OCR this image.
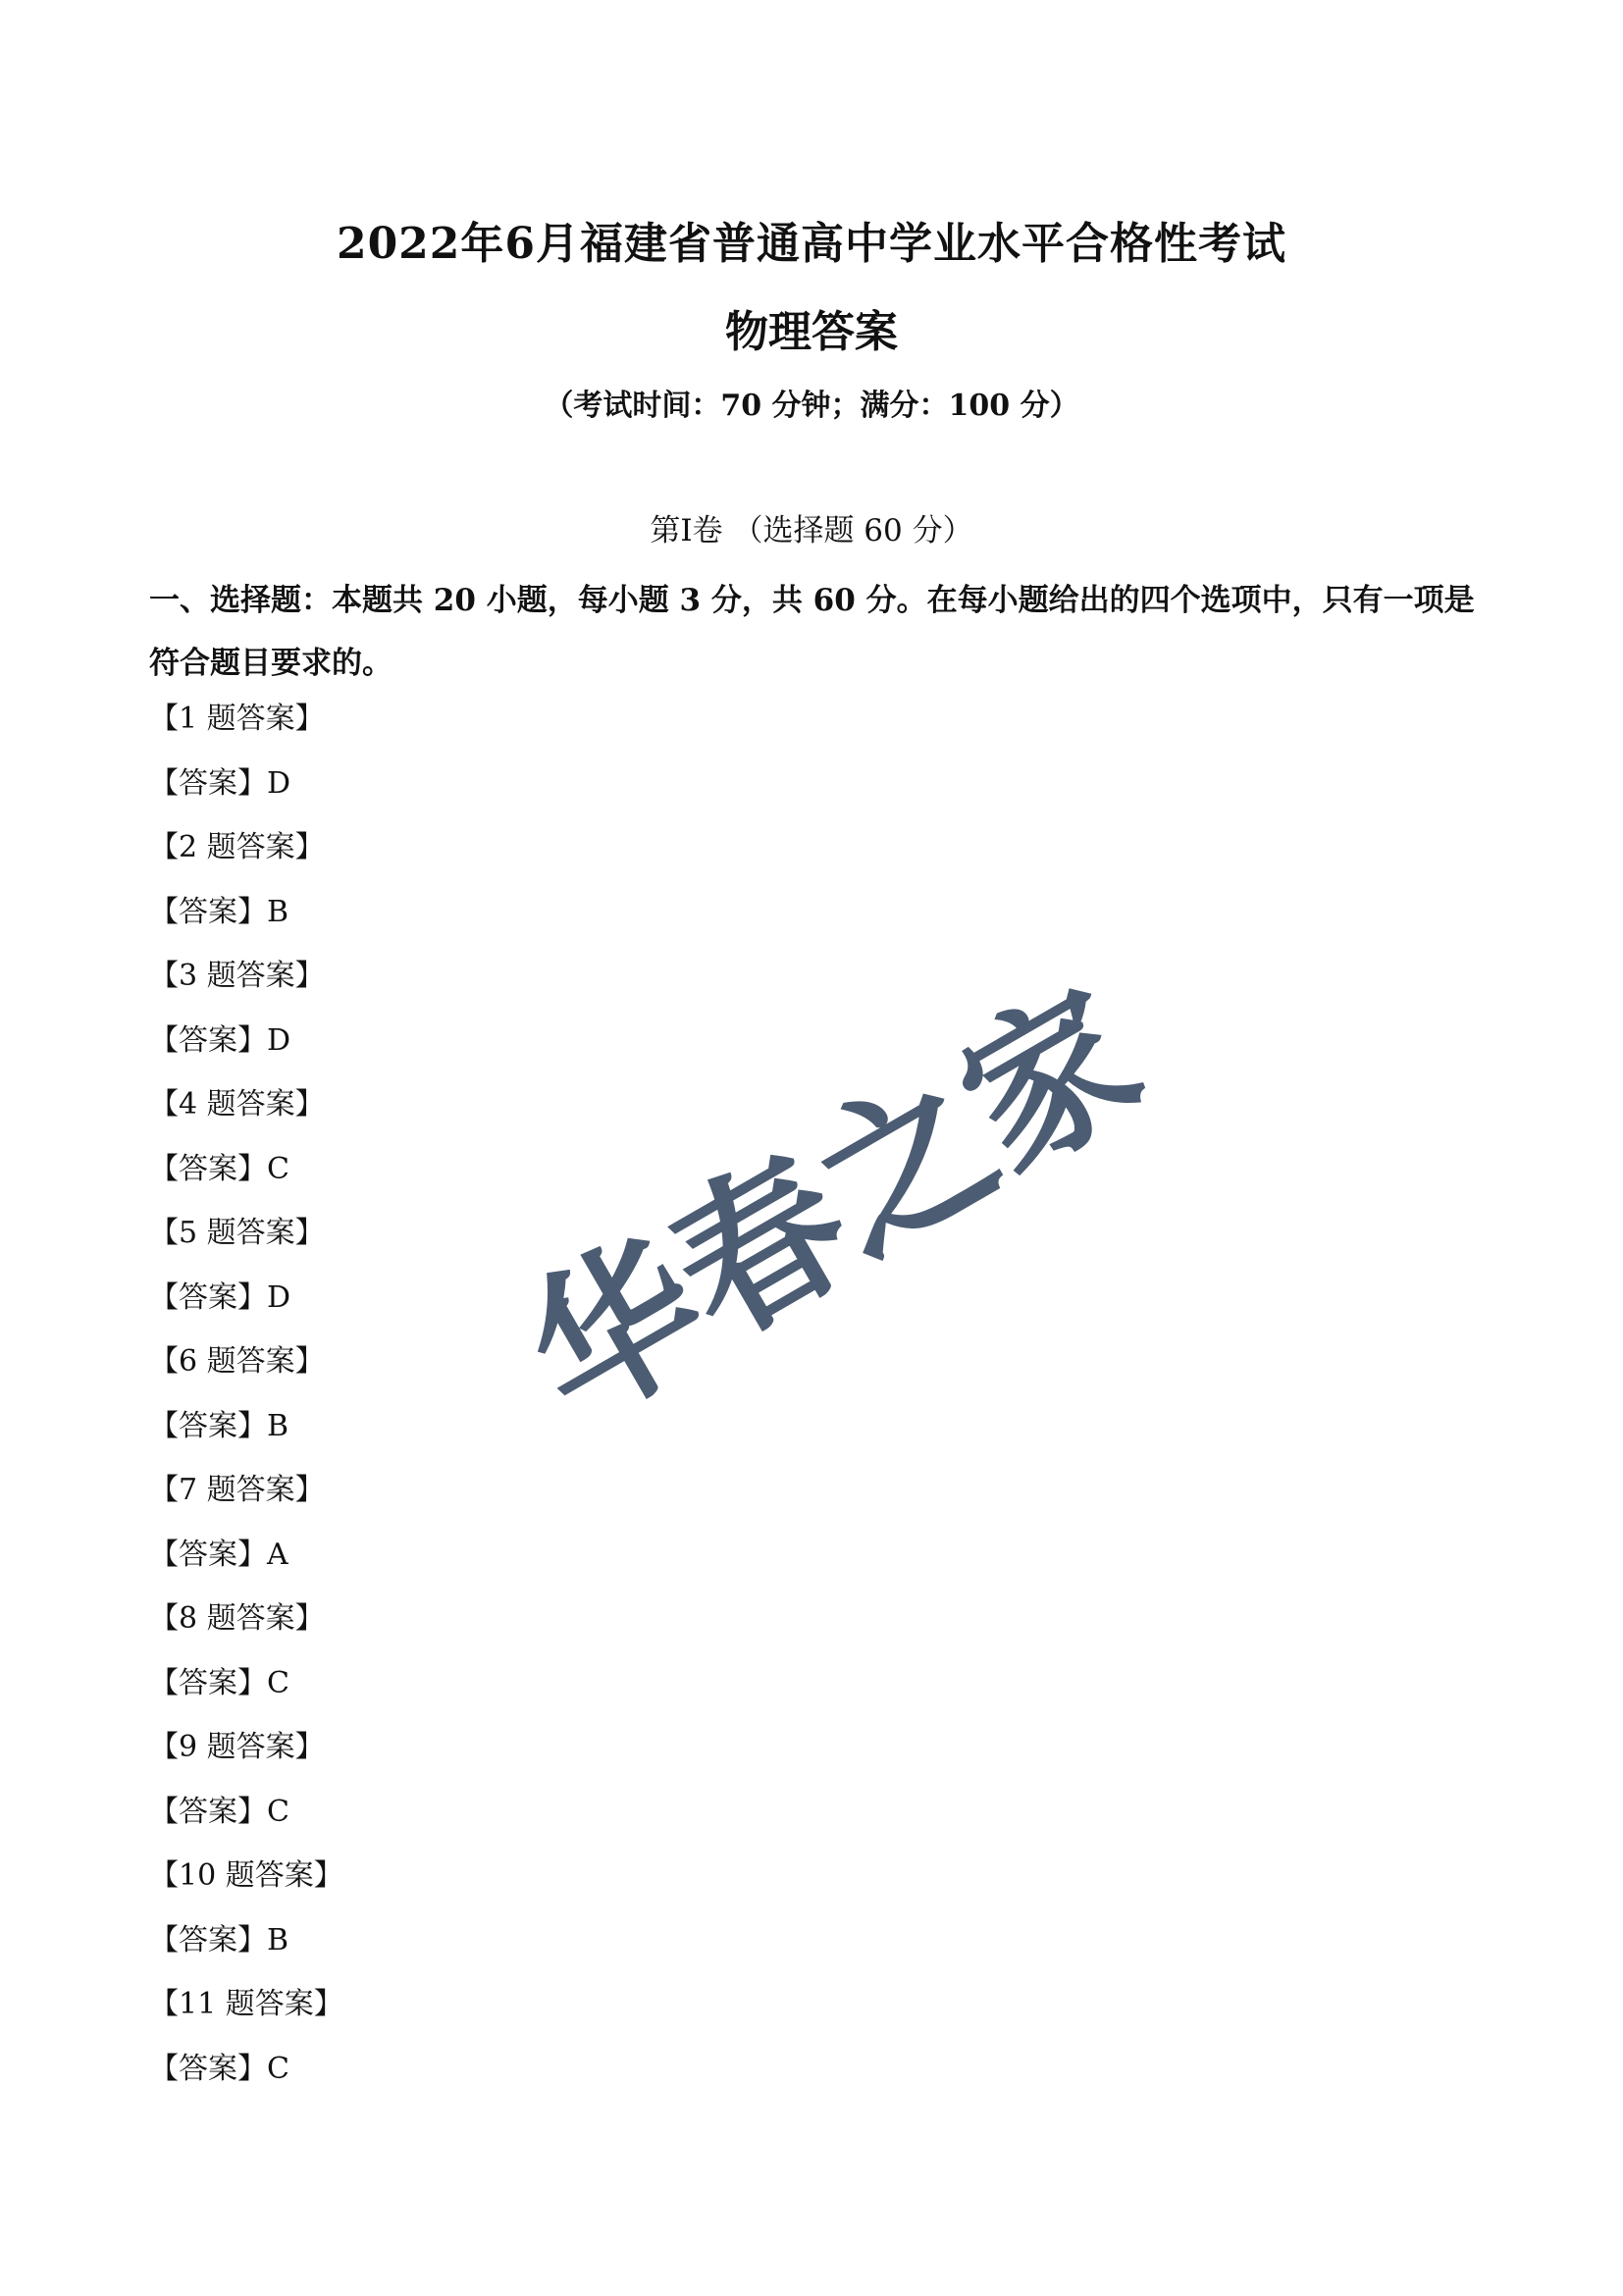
2022年6月福建省普通高中学业水平合格性考试
物理答案

（考试时间：70 分钟；满分：100 分）

第Ⅰ卷 （选择题 60 分）

一、选择题：本题共 20 小题，每小题 3 分，共 60 分。在每小题给出的四个选项中，只有一项是符合题目要求的。

【1 题答案】
【答案】D
【2 题答案】
【答案】B
【3 题答案】
【答案】D
【4 题答案】
【答案】C
【5 题答案】
【答案】D
【6 题答案】
【答案】B
【7 题答案】
【答案】A
【8 题答案】
【答案】C
【9 题答案】
【答案】C
【10 题答案】
【答案】B
【11 题答案】
【答案】C
华春之家
